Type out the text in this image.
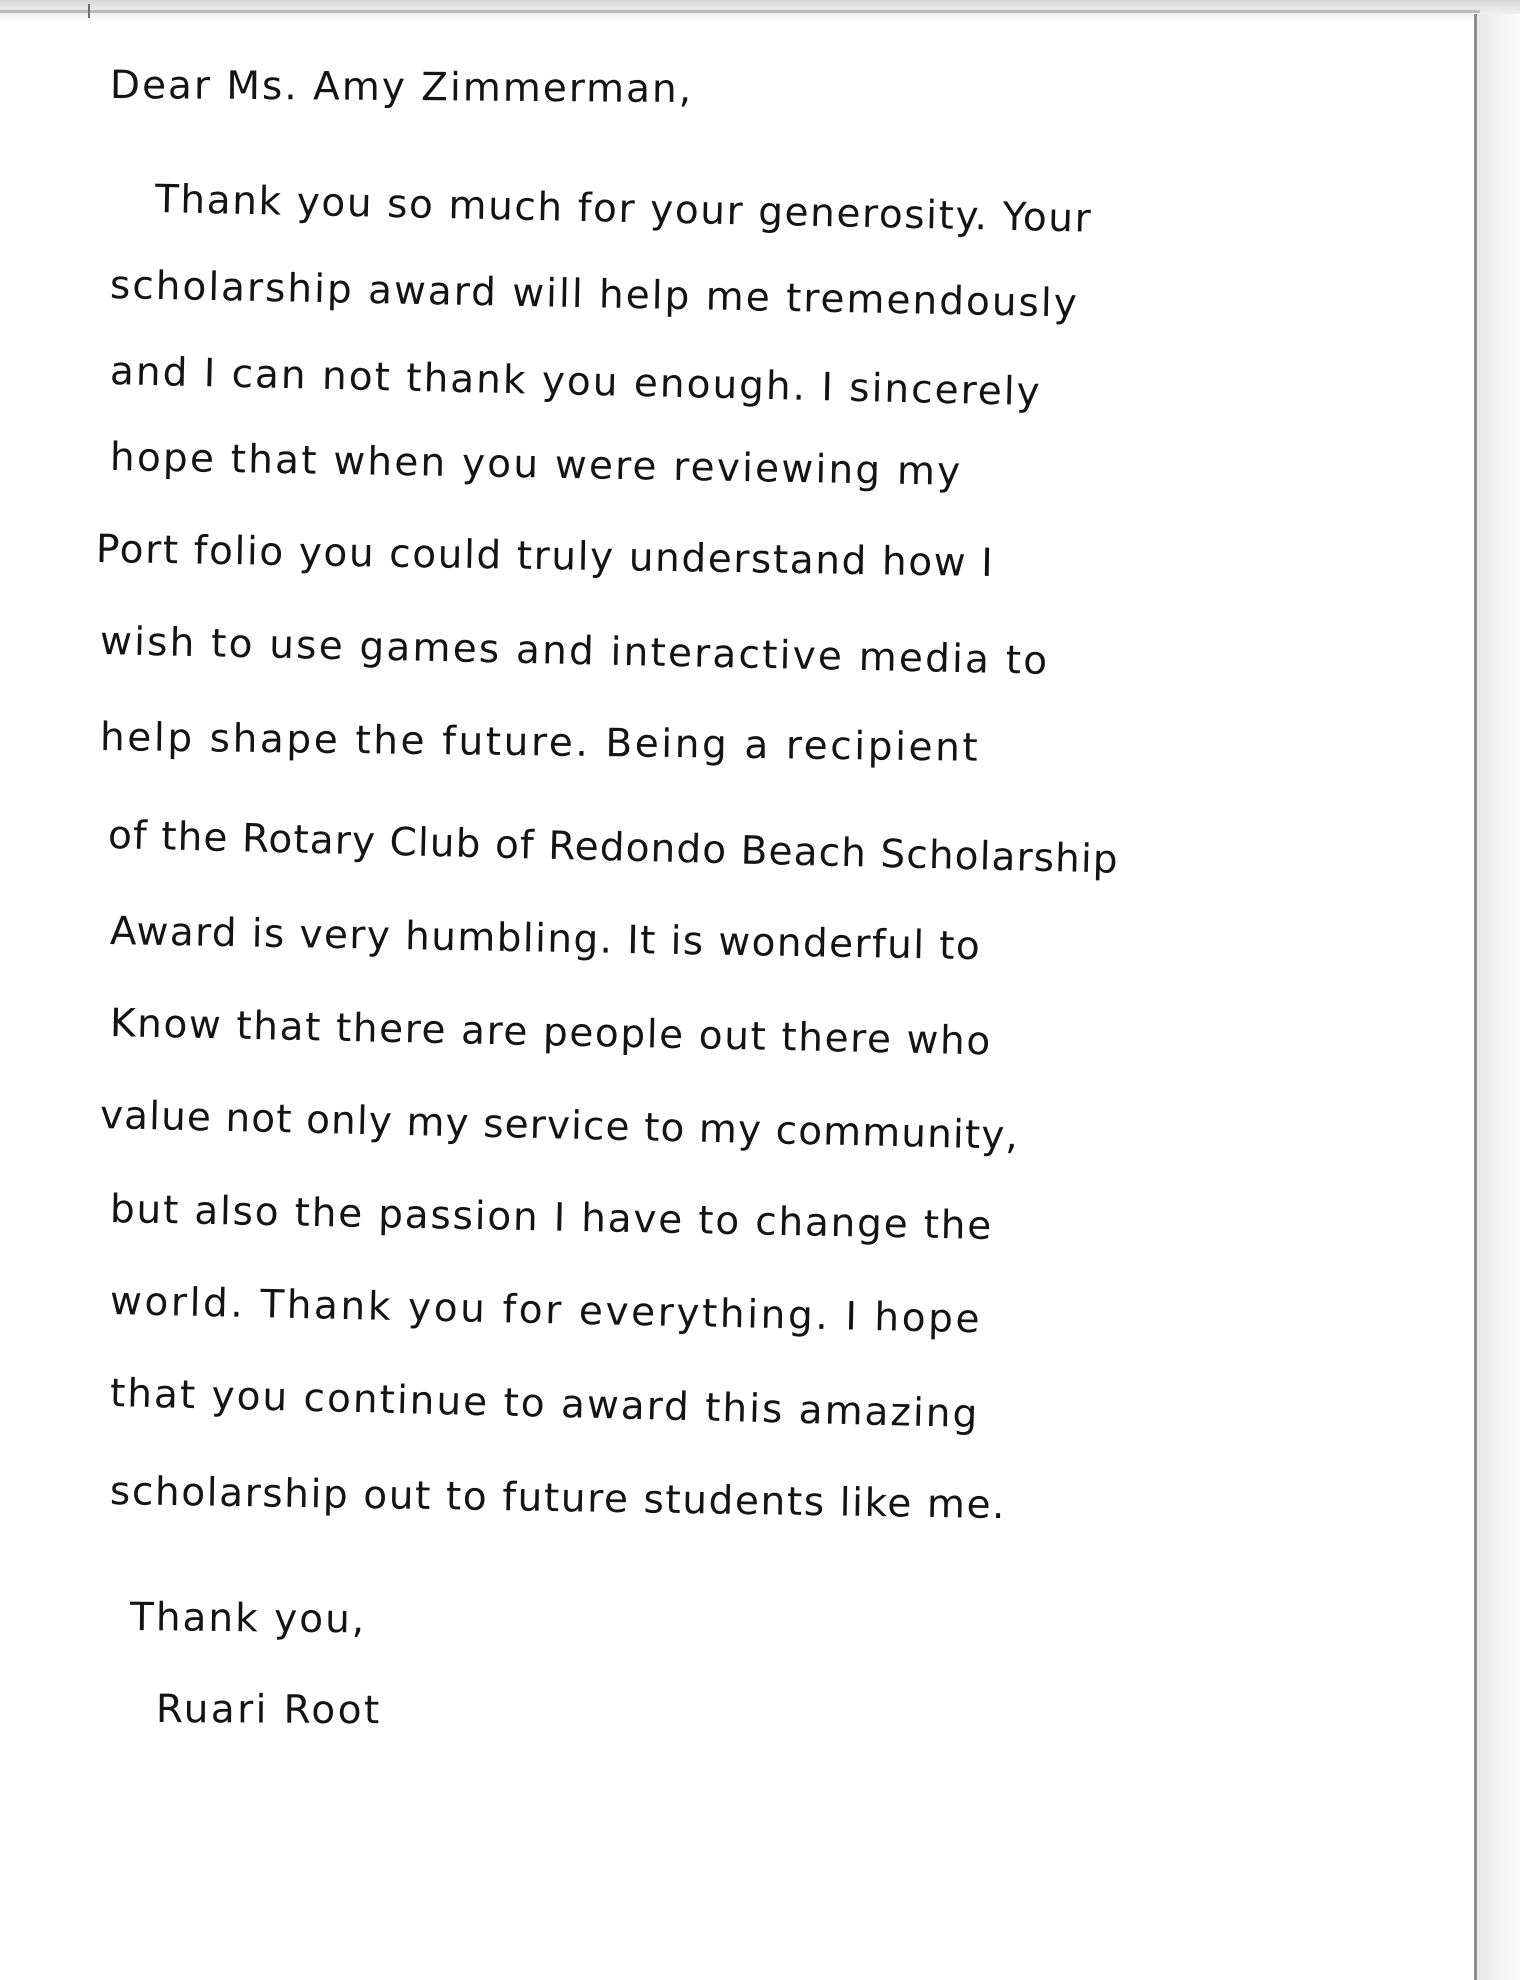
Dear Ms. Amy Zimmerman,

Thank you so much for your generosity. Your

scholarship award will help me tremendously

and I can not thank you enough. I sincerely

hope that when you were reviewing my

Port folio you could truly understand how I

wish to use games and interactive media to

help shape the future. Being a recipient

of the Rotary Club of Redondo Beach Scholarship

Award is very humbling. It is wonderful to

Know that there are people out there who

value not only my service to my community,

but also the passion I have to change the

world. Thank you for everything. I hope

that you continue to award this amazing

scholarship out to future students like me.

Thank you,

Ruari Root
